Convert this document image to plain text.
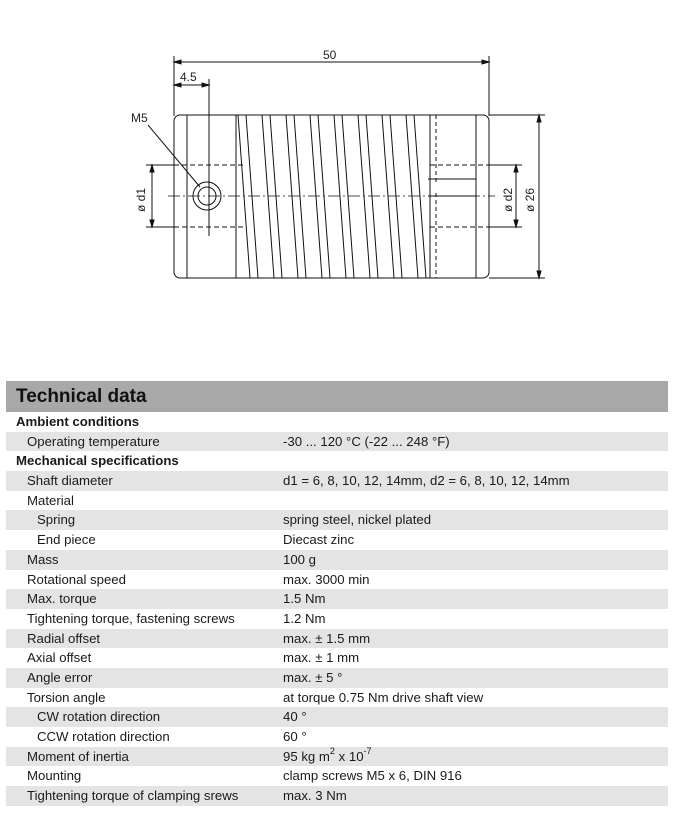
50
4.5
M5
ø d1	ø d2 ø 26
Technical data
Ambient conditions
Operating temperature	-30 ... 120 °C (-22 ... 248 °F)
Mechanical specifications
Shaft diameter	d1 = 6, 8, 10, 12, 14mm, d2 = 6, 8, 10, 12, 14mm
Material
Spring	spring steel, nickel plated
End piece	Diecast zinc
Mass	100 g
Rotational speed	max. 3000 min
Max. torque	1.5 Nm
Tightening torque, fastening screws	1.2 Nm
Radial offset	max. ± 1.5 mm
Axial offset	max. ± 1 mm
Angle error	max. ± 5 °
Torsion angle	at torque 0.75 Nm drive shaft view
CW rotation direction	40 °
CCW rotation direction	60 °
Moment of inertia	95 kg $m^2$ x $10^{-7}$
Mounting	clamp screws M5 x 6, DIN 916
Tightening torque of clamping srews	max. 3 Nm
